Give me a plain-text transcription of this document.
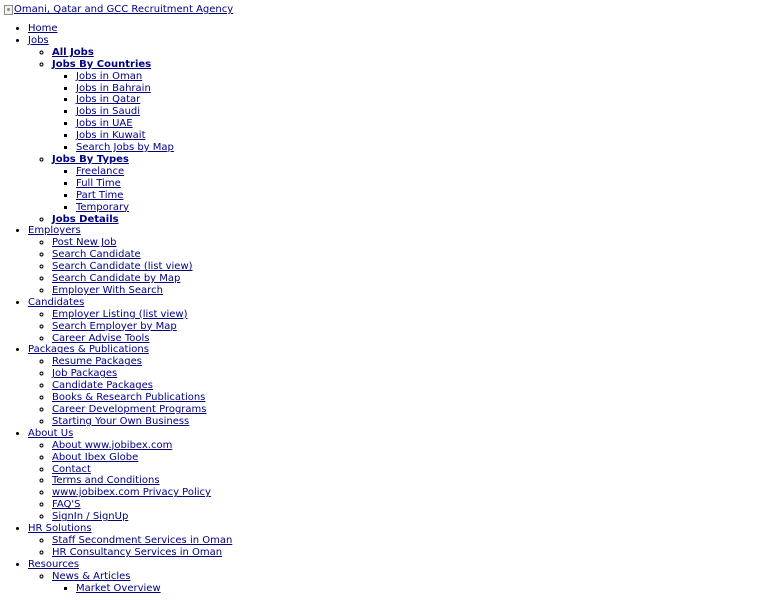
Omani, Qatar and GCC Recruitment Agency
• Home
• Jobs
◦ All Jobs
◦ Jobs By Countries
▪ Jobs in Oman
▪ Jobs in Bahrain
▪ Jobs in Qatar
▪ Jobs in Saudi
▪ Jobs in UAE
▪ Jobs in Kuwait
▪ Search Jobs by Map
◦ Jobs By Types
▪ Freelance
▪ Full Time
▪ Part Time
▪ Temporary
◦ Jobs Details
• Employers
◦ Post New Job
◦ Search Candidate
◦ Search Candidate (list view)
◦ Search Candidate by Map
◦ Employer With Search
• Candidates
◦ Employer Listing (list view)
◦ Search Employer by Map
◦ Career Advise Tools
• Packages & Publications
◦ Resume Packages
◦ Job Packages
◦ Candidate Packages
◦ Books & Research Publications
◦ Career Development Programs
◦ Starting Your Own Business
• About Us
◦ About www.jobibex.com
◦ About Ibex Globe
◦ Contact
◦ Terms and Conditions
◦ www.jobibex.com Privacy Policy
◦ FAQ'S
◦ SignIn / SignUp
• HR Solutions
◦ Staff Secondment Services in Oman
◦ HR Consultancy Services in Oman
• Resources
◦ News & Articles
▪ Market Overview
